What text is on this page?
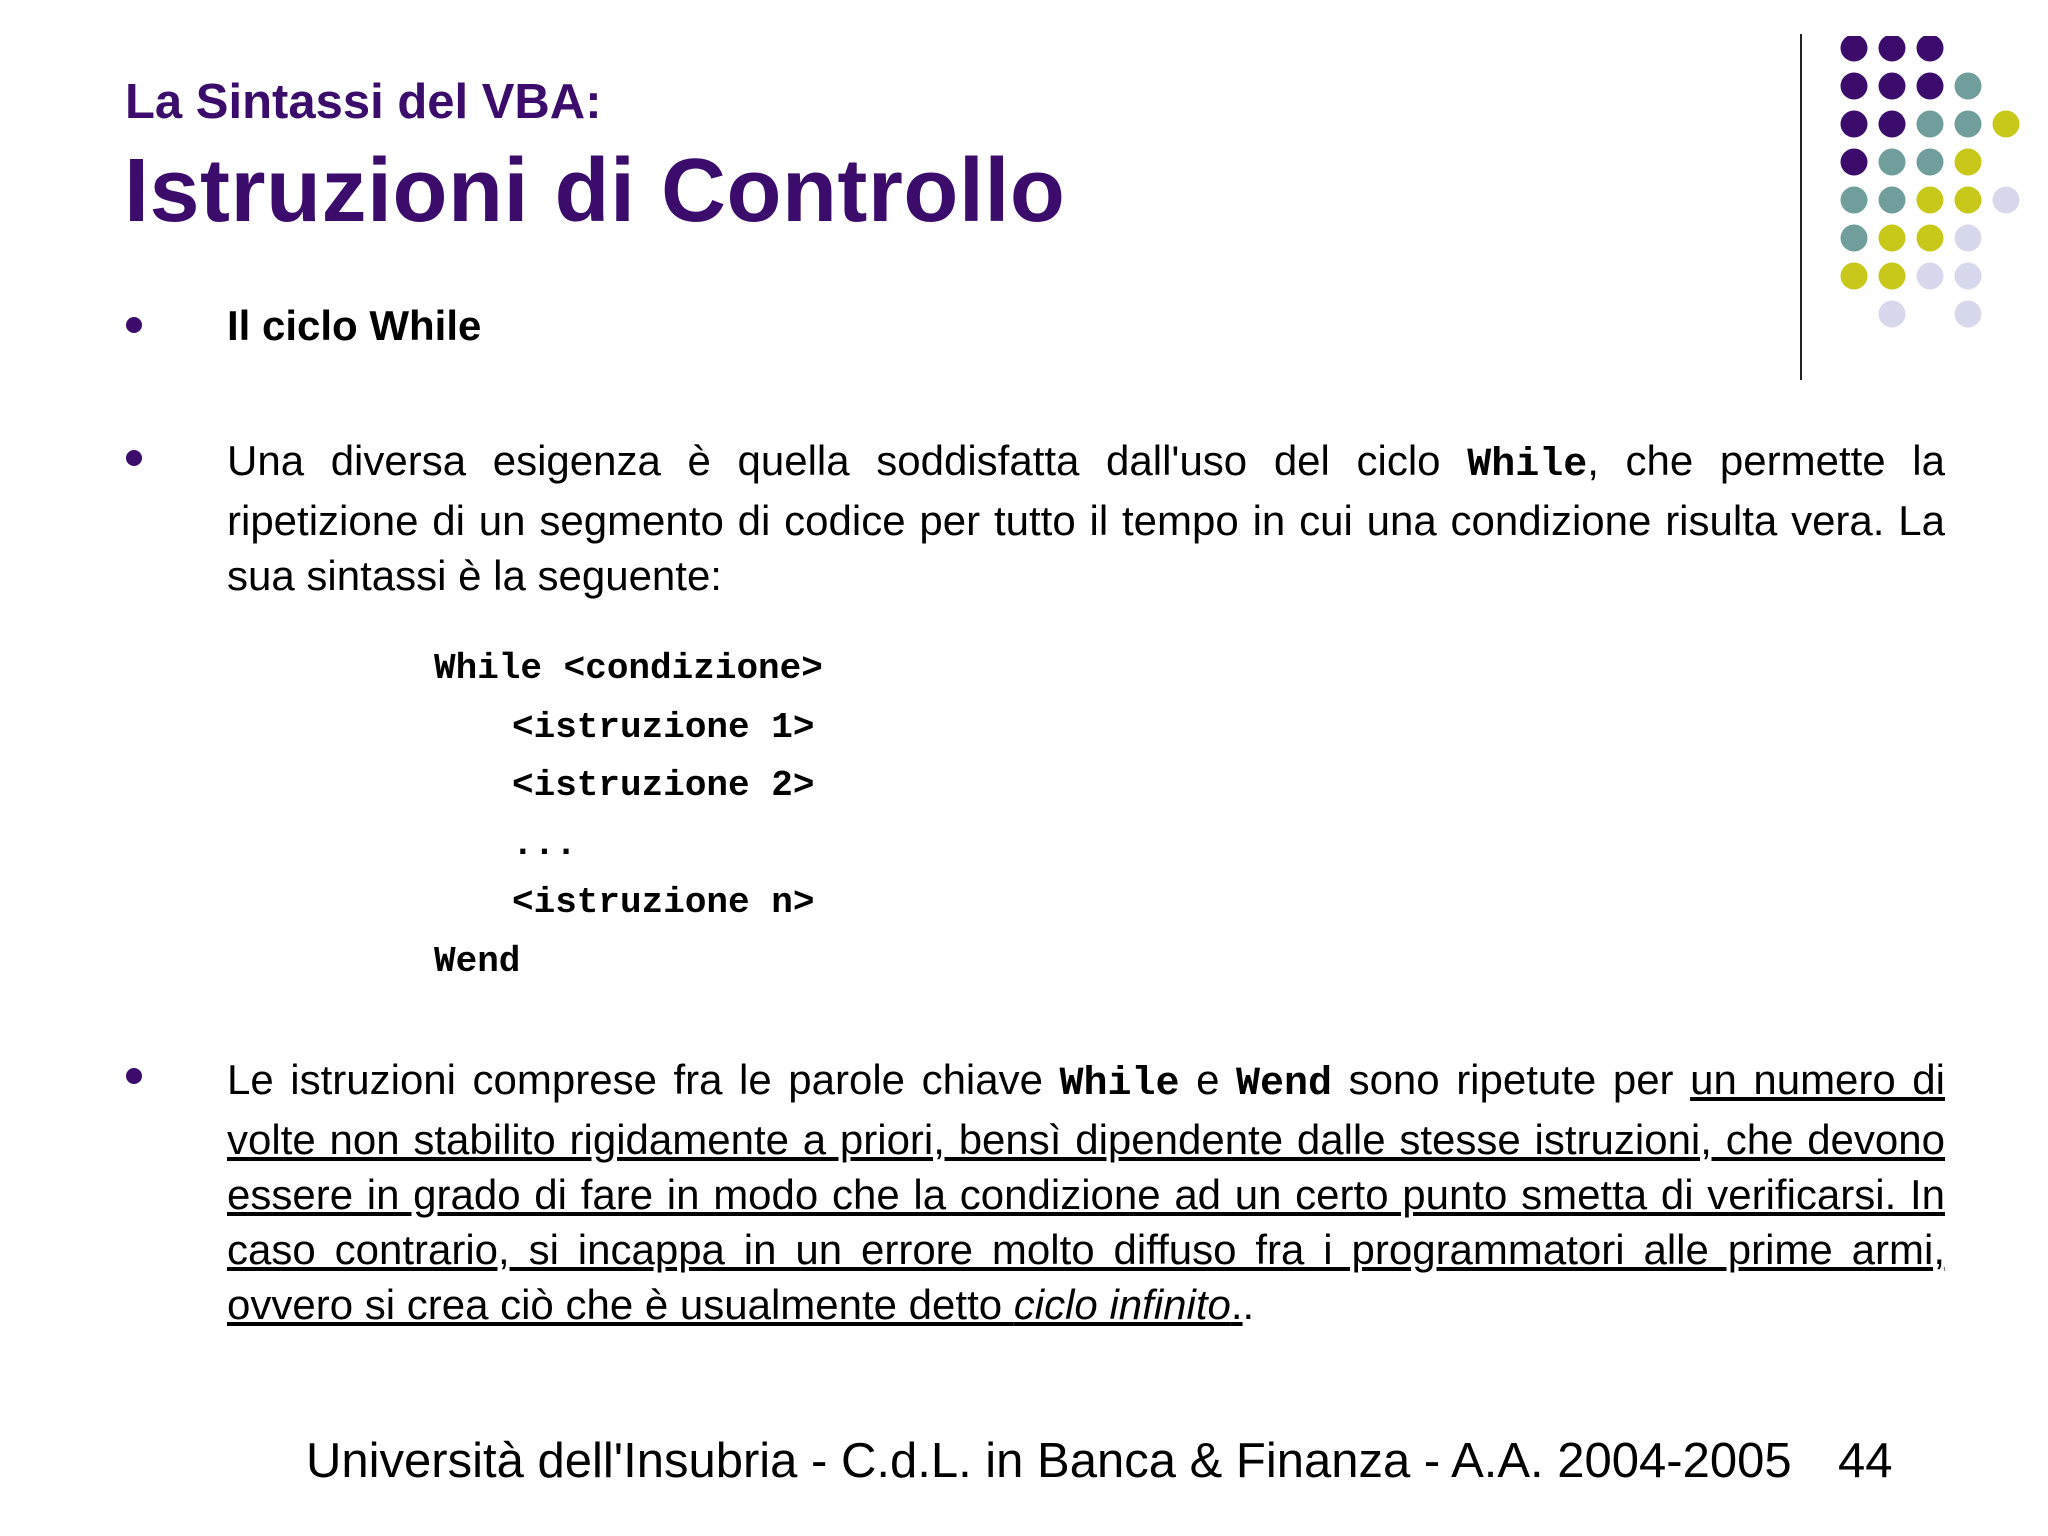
La Sintassi del VBA:
Istruzioni di Controllo
Il ciclo While
Una diversa esigenza è quella soddisfatta dall'uso del ciclo While, che permette la ripetizione di un segmento di codice per tutto il tempo in cui una condizione risulta vera. La sua sintassi è la seguente:
While <condizione>
<istruzione 1>
<istruzione 2>
...
<istruzione n>
Wend
Le istruzioni comprese fra le parole chiave While e Wend sono ripetute per un numero di volte non stabilito rigidamente a priori, bensì dipendente dalle stesse istruzioni, che devono essere in grado di fare in modo che la condizione ad un certo punto smetta di verificarsi. In caso contrario, si incappa in un errore molto diffuso fra i programmatori alle prime armi, ovvero si crea ciò che è usualmente detto ciclo infinito..
Università dell'Insubria - C.d.L. in Banca & Finanza - A.A. 2004-2005 44
